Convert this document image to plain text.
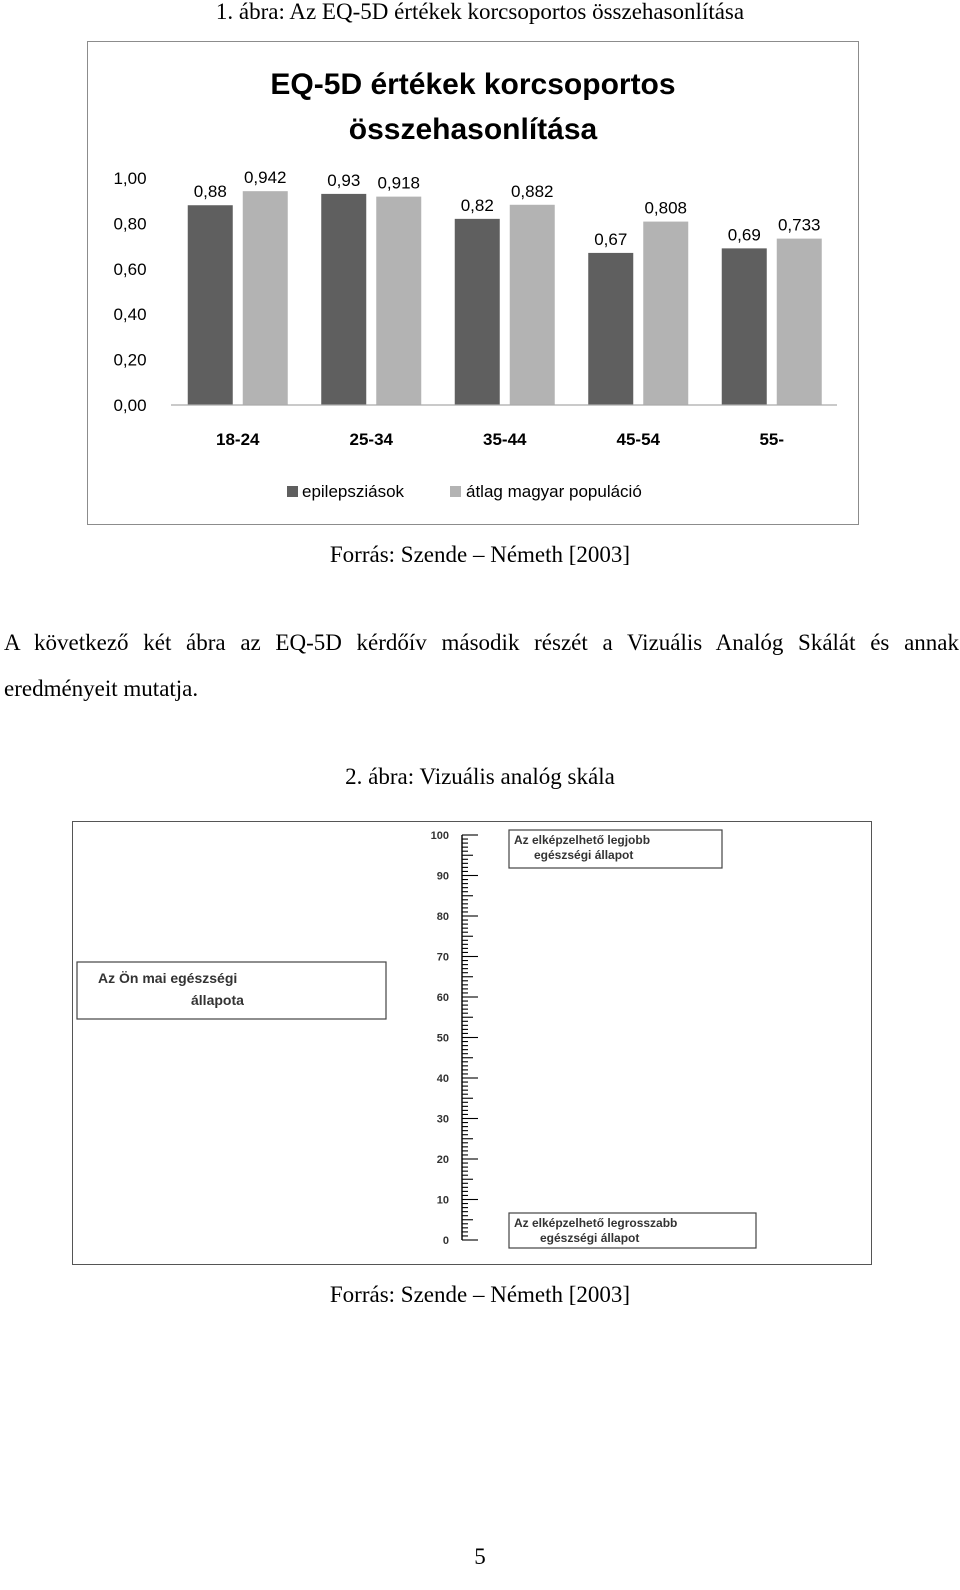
1. ábra: Az EQ-5D értékek korcsoportos összehasonlítása
EQ-5D értékek korcsoportos
összehasonlítása
0,00
0,20
0,40
0,60
0,80
1,00
0,88
0,942 0,93 0,918
0,82
0,882
0,67
0,808
0,69
0,733
18-24	25-34	35-44	45-54	55-
epilepsziások	átlag magyar populáció
Forrás: Szende – Németh [2003]
A következő két ábra az EQ-5D kérdőív második részét a Vizuális Analóg Skálát és annak
eredményeit mutatja.
2. ábra: Vizuális analóg skála
0
10
20
30
40
50
60
70
80
90
100	Az elképzelhető legjobb
egészségi állapot
Az Ön mai egészségi
állapota
Az elképzelhető legrosszabb
egészségi állapot
Forrás: Szende – Németh [2003]
5
